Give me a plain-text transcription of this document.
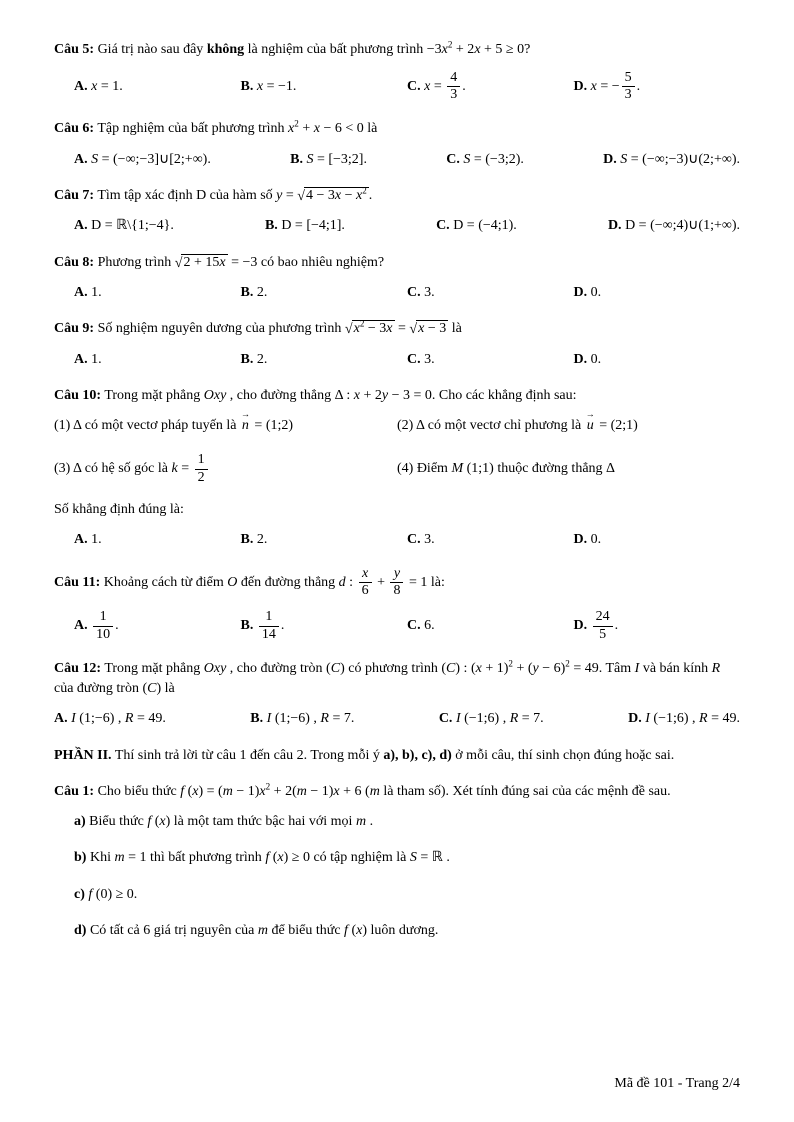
Câu 5: Giá trị nào sau đây không là nghiệm của bất phương trình $-3x^2 + 2x + 5 \ge 0$?

A. x = 1.	B. x = −1.	C. $x = \frac{4}{3}$ .	D. x = − $\frac{5}{3}$ .

Câu 6: Tập nghiệm của bất phương trình $x^2 + x - 6 < 0$ là

A. S = (−∞;−3]∪[2;+∞).	B. S = [−3;2].	C. S = (−3;2).	D. S = (−∞;−3)∪(2;+∞).

Câu 7: Tìm tập xác định D của hàm số $y = √4 - 3x - x^2$ .

A. D = ℝ\{1;−4}.	B. D = [−4;1].	C. D = (−4;1).	D. D = (−∞;4)∪(1;+∞).

Câu 8: Phương trình √2 + 15x = −3 có bao nhiêu nghiệm?

A. 1.	B. 2.	C. 3.	D. 0.

Câu 9: Số nghiệm nguyên dương của phương trình $√x^2 - 3x = √x - 3$ là

A. 1.	B. 2.	C. 3.	D. 0.

Câu 10: Trong mặt phẳng Oxy , cho đường thẳng Δ : x + 2y − 3 = 0. Cho các khẳng định sau:

(1) Δ có một vectơ pháp tuyến là → n = (1;2)	(2) Δ có một vectơ chỉ phương là → u = (2;1)
(3) Δ có hệ số góc là $k = \frac{1}{2}$	(4) Điểm M (1;1) thuộc đường thẳng Δ

Số khẳng định đúng là:

A. 1.	B. 2.	C. 3.	D. 0.

Câu 11: Khoảng cách từ điểm O đến đường thẳng d : $\frac{x}{6} + \frac{y}{8} = 1$ là:

A. $\frac{1}{10}$ .	B. $\frac{1}{14}$ .	C. 6.	D. $\frac{24}{5}$ .

Câu 12: Trong mặt phẳng Oxy , cho đường tròn (C) có phương trình (C) : $(x + 1)^2 + (y - 6)^2 = 49$. Tâm I và bán kính R của đường tròn (C) là

A. I (1;−6) , R = 49.	B. I (1;−6) , R = 7.	C. I (−1;6) , R = 7.	D. I (−1;6) , R = 49.

PHẦN II. Thí sinh trả lời từ câu 1 đến câu 2. Trong mỗi ý a), b), c), d) ở mỗi câu, thí sinh chọn đúng hoặc sai.

Câu 1: Cho biểu thức f $(x) = (m - 1)x^2 + 2(m - 1)x + 6$ (m là tham số). Xét tính đúng sai của các mệnh đề sau.

a) Biểu thức f (x) là một tam thức bậc hai với mọi m .

b) Khi m = 1 thì bất phương trình f (x) ≥ 0 có tập nghiệm là S = ℝ .

c) f (0) ≥ 0.

d) Có tất cả 6 giá trị nguyên của m để biểu thức f (x) luôn dương.

Mã đề 101 - Trang 2/4
